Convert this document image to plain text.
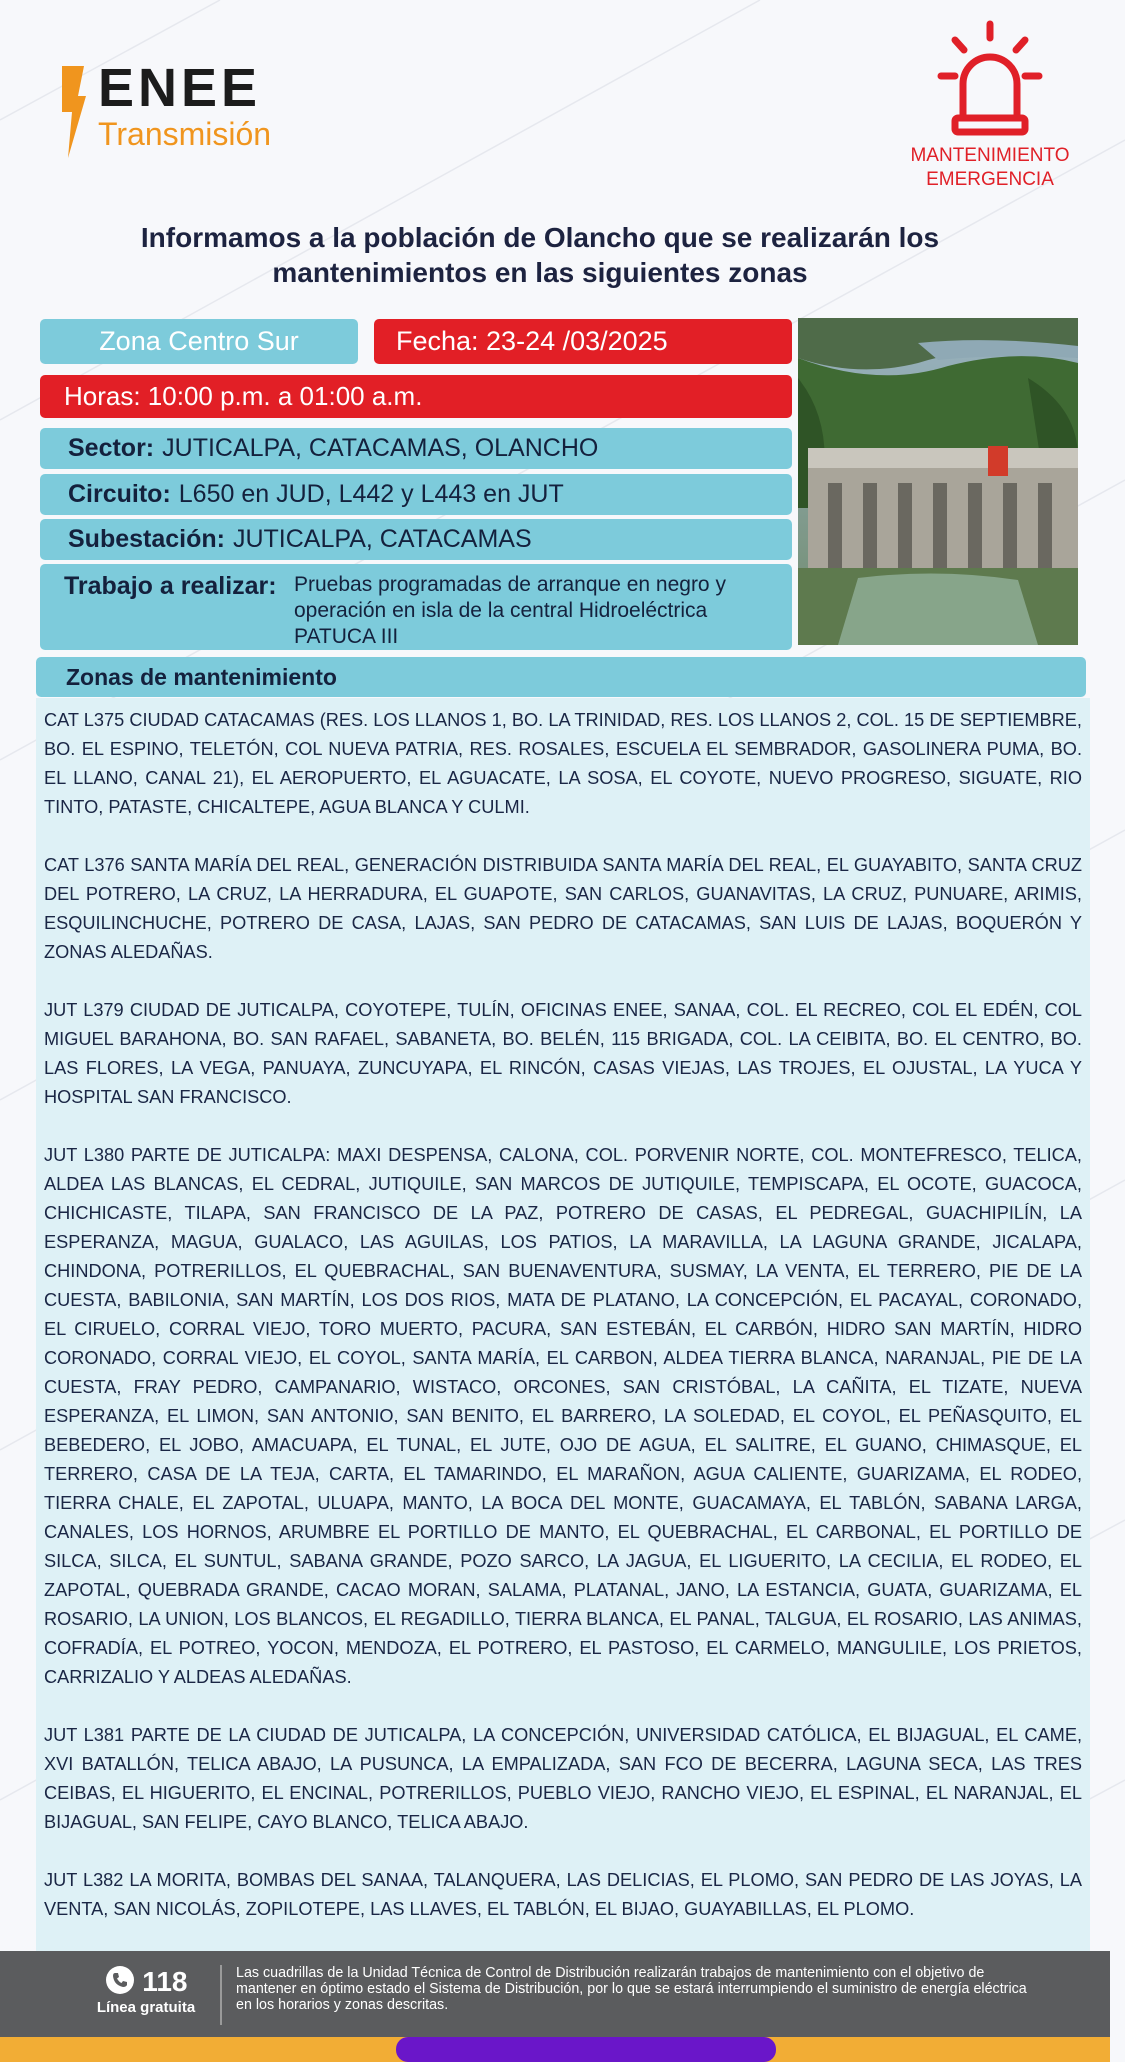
ENEE
Transmisión
MANTENIMIENTO
EMERGENCIA
Informamos a la población de Olancho que se realizarán los mantenimientos en las siguientes zonas
Zona Centro Sur	Fecha: 23-24 /03/2025
Horas: 10:00 p.m. a 01:00 a.m.
Sector: JUTICALPA, CATACAMAS, OLANCHO
Circuito: L650 en JUD, L442 y L443 en JUT
Subestación: JUTICALPA, CATACAMAS
Trabajo a realizar: Pruebas programadas de arranque en negro y operación en isla de la central Hidroeléctrica PATUCA III
Zonas de mantenimiento

CAT L375 CIUDAD CATACAMAS (RES. LOS LLANOS 1, BO. LA TRINIDAD, RES. LOS LLANOS 2, COL. 15 DE SEPTIEMBRE, BO. EL ESPINO, TELETÓN, COL NUEVA PATRIA, RES. ROSALES, ESCUELA EL SEMBRADOR, GASOLINERA PUMA, BO. EL LLANO, CANAL 21), EL AEROPUERTO, EL AGUACATE, LA SOSA, EL COYOTE, NUEVO PROGRESO, SIGUATE, RIO TINTO, PATASTE, CHICALTEPE, AGUA BLANCA Y CULMI.

CAT L376 SANTA MARÍA DEL REAL, GENERACIÓN DISTRIBUIDA SANTA MARÍA DEL REAL, EL GUAYABITO, SANTA CRUZ DEL POTRERO, LA CRUZ, LA HERRADURA, EL GUAPOTE, SAN CARLOS, GUANAVITAS, LA CRUZ, PUNUARE, ARIMIS, ESQUILINCHUCHE, POTRERO DE CASA, LAJAS, SAN PEDRO DE CATACAMAS, SAN LUIS DE LAJAS, BOQUERÓN Y ZONAS ALEDAÑAS.

JUT L379 CIUDAD DE JUTICALPA, COYOTEPE, TULÍN, OFICINAS ENEE, SANAA, COL. EL RECREO, COL EL EDÉN, COL MIGUEL BARAHONA, BO. SAN RAFAEL, SABANETA, BO. BELÉN, 115 BRIGADA, COL. LA CEIBITA, BO. EL CENTRO, BO. LAS FLORES, LA VEGA, PANUAYA, ZUNCUYAPA, EL RINCÓN, CASAS VIEJAS, LAS TROJES, EL OJUSTAL, LA YUCA Y HOSPITAL SAN FRANCISCO.

JUT L380 PARTE DE JUTICALPA: MAXI DESPENSA, CALONA, COL. PORVENIR NORTE, COL. MONTEFRESCO, TELICA, ALDEA LAS BLANCAS, EL CEDRAL, JUTIQUILE, SAN MARCOS DE JUTIQUILE, TEMPISCAPA, EL OCOTE, GUACOCA, CHICHICASTE, TILAPA, SAN FRANCISCO DE LA PAZ, POTRERO DE CASAS, EL PEDREGAL, GUACHIPILÍN, LA ESPERANZA, MAGUA, GUALACO, LAS AGUILAS, LOS PATIOS, LA MARAVILLA, LA LAGUNA GRANDE, JICALAPA, CHINDONA, POTRERILLOS, EL QUEBRACHAL, SAN BUENAVENTURA, SUSMAY, LA VENTA, EL TERRERO, PIE DE LA CUESTA, BABILONIA, SAN MARTÍN, LOS DOS RIOS, MATA DE PLATANO, LA CONCEPCIÓN, EL PACAYAL, CORONADO, EL CIRUELO, CORRAL VIEJO, TORO MUERTO, PACURA, SAN ESTEBÁN, EL CARBÓN, HIDRO SAN MARTÍN, HIDRO CORONADO, CORRAL VIEJO, EL COYOL, SANTA MARÍA, EL CARBON, ALDEA TIERRA BLANCA, NARANJAL, PIE DE LA CUESTA, FRAY PEDRO, CAMPANARIO, WISTACO, ORCONES, SAN CRISTÓBAL, LA CAÑITA, EL TIZATE, NUEVA ESPERANZA, EL LIMON, SAN ANTONIO, SAN BENITO, EL BARRERO, LA SOLEDAD, EL COYOL, EL PEÑASQUITO, EL BEBEDERO, EL JOBO, AMACUAPA, EL TUNAL, EL JUTE, OJO DE AGUA, EL SALITRE, EL GUANO, CHIMASQUE, EL TERRERO, CASA DE LA TEJA, CARTA, EL TAMARINDO, EL MARAÑON, AGUA CALIENTE, GUARIZAMA, EL RODEO, TIERRA CHALE, EL ZAPOTAL, ULUAPA, MANTO, LA BOCA DEL MONTE, GUACAMAYA, EL TABLÓN, SABANA LARGA, CANALES, LOS HORNOS, ARUMBRE EL PORTILLO DE MANTO, EL QUEBRACHAL, EL CARBONAL, EL PORTILLO DE SILCA, SILCA, EL SUNTUL, SABANA GRANDE, POZO SARCO, LA JAGUA, EL LIGUERITO, LA CECILIA, EL RODEO, EL ZAPOTAL, QUEBRADA GRANDE, CACAO MORAN, SALAMA, PLATANAL, JANO, LA ESTANCIA, GUATA, GUARIZAMA, EL ROSARIO, LA UNION, LOS BLANCOS, EL REGADILLO, TIERRA BLANCA, EL PANAL, TALGUA, EL ROSARIO, LAS ANIMAS, COFRADÍA, EL POTREO, YOCON, MENDOZA, EL POTRERO, EL PASTOSO, EL CARMELO, MANGULILE, LOS PRIETOS, CARRIZALIO Y ALDEAS ALEDAÑAS.

JUT L381 PARTE DE LA CIUDAD DE JUTICALPA, LA CONCEPCIÓN, UNIVERSIDAD CATÓLICA, EL BIJAGUAL, EL CAME, XVI BATALLÓN, TELICA ABAJO, LA PUSUNCA, LA EMPALIZADA, SAN FCO DE BECERRA, LAGUNA SECA, LAS TRES CEIBAS, EL HIGUERITO, EL ENCINAL, POTRERILLOS, PUEBLO VIEJO, RANCHO VIEJO, EL ESPINAL, EL NARANJAL, EL BIJAGUAL, SAN FELIPE, CAYO BLANCO, TELICA ABAJO.

JUT L382 LA MORITA, BOMBAS DEL SANAA, TALANQUERA, LAS DELICIAS, EL PLOMO, SAN PEDRO DE LAS JOYAS, LA VENTA, SAN NICOLÁS, ZOPILOTEPE, LAS LLAVES, EL TABLÓN, EL BIJAO, GUAYABILLAS, EL PLOMO.

118
Línea gratuita
Las cuadrillas de la Unidad Técnica de Control de Distribución realizarán trabajos de mantenimiento con el objetivo de mantener en óptimo estado el Sistema de Distribución, por lo que se estará interrumpiendo el suministro de energía eléctrica en los horarios y zonas descritas.
